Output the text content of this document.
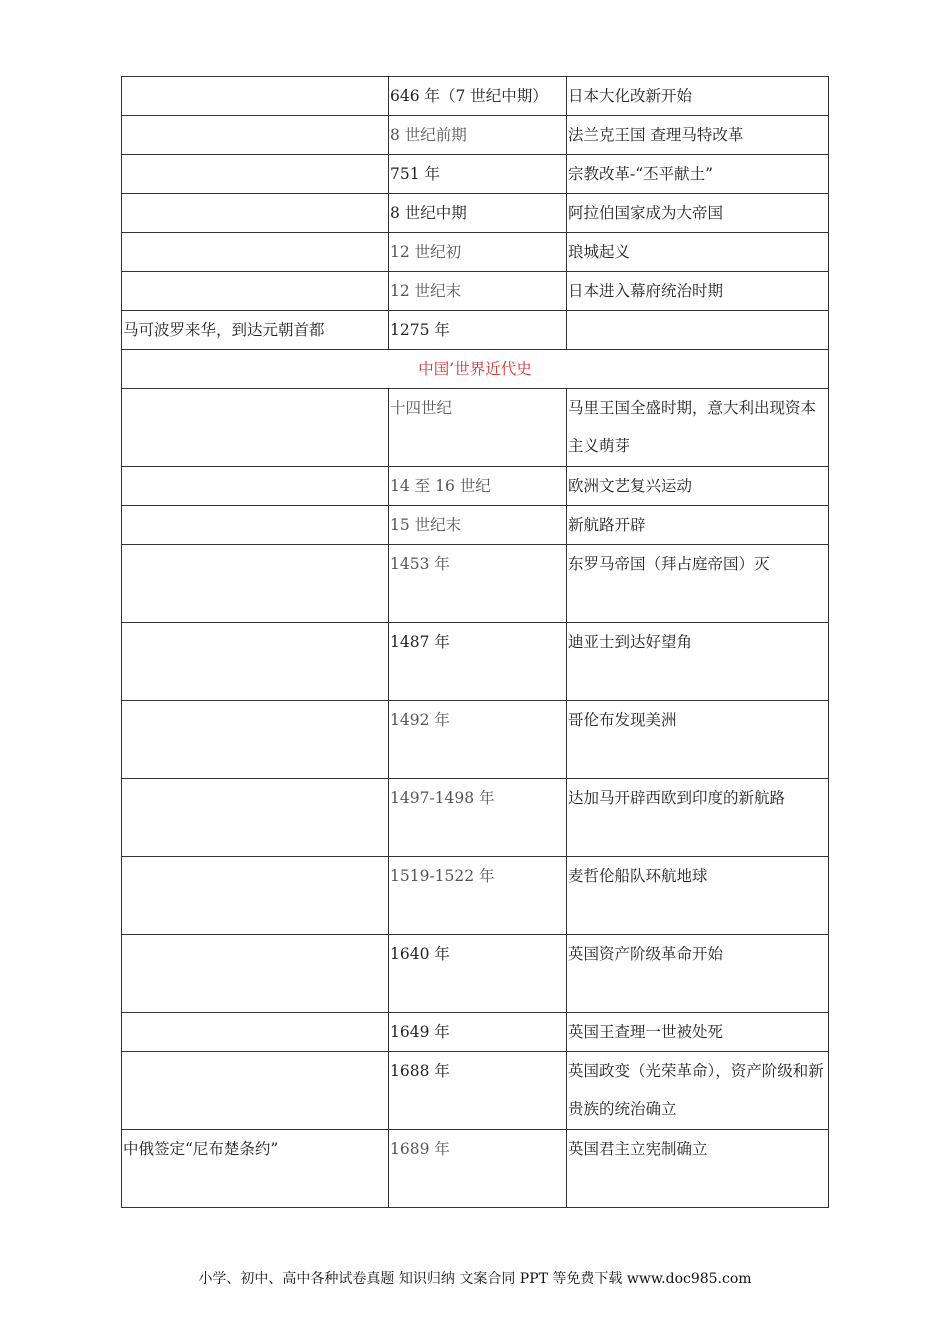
	646 年（7 世纪中期）	日本大化改新开始
	8 世纪前期	法兰克王国 查理马特改革
	751 年	宗教改革-“丕平献土”
	8 世纪中期	阿拉伯国家成为大帝国
	12 世纪初	琅城起义
	12 世纪末	日本进入幕府统治时期
马可波罗来华，到达元朝首都	1275 年	
中国’世界近代史		
	十四世纪	马里王国全盛时期，意大利出现资本主义萌芽
	14 至 16 世纪	欧洲文艺复兴运动
	15 世纪末	新航路开辟
	1453 年	东罗马帝国（拜占庭帝国）灭
	1487 年	迪亚士到达好望角
	1492 年	哥伦布发现美洲
	1497-1498 年	达加马开辟西欧到印度的新航路
	1519-1522 年	麦哲伦船队环航地球
	1640 年	英国资产阶级革命开始
	1649 年	英国王查理一世被处死
	1688 年	英国政变（光荣革命），资产阶级和新贵族的统治确立
中俄签定“尼布楚条约”	1689 年	英国君主立宪制确立
小学、初中、高中各种试卷真题 知识归纳 文案合同 PPT 等免费下载 www.doc985.com
